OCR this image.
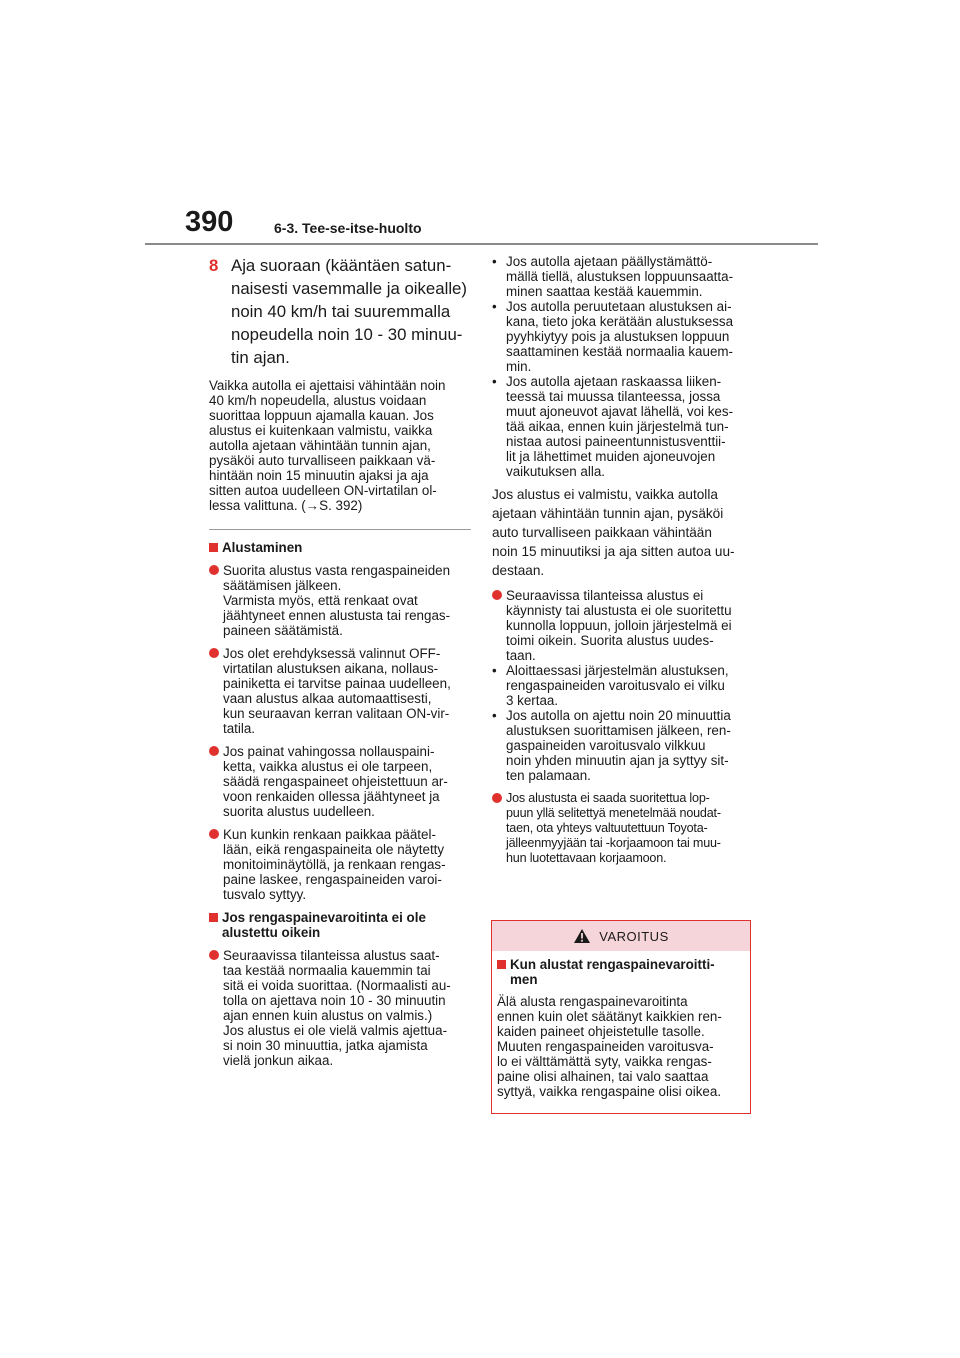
390	6-3. Tee-se-itse-huolto
8 Aja suoraan (kääntäen satun-
naisesti vasemmalle ja oikealle)
noin 40 km/h tai suuremmalla
nopeudella noin 10 - 30 minuu-
tin ajan.

Vaikka autolla ei ajettaisi vähintään noin
40 km/h nopeudella, alustus voidaan
suorittaa loppuun ajamalla kauan. Jos
alustus ei kuitenkaan valmistu, vaikka
autolla ajetaan vähintään tunnin ajan,
pysäköi auto turvalliseen paikkaan vä-
hintään noin 15 minuutin ajaksi ja aja
sitten autoa uudelleen ON-virtatilan ol-
lessa valittuna. (→S. 392)

Alustaminen
Suorita alustus vasta rengaspaineiden
säätämisen jälkeen.
Varmista myös, että renkaat ovat
jäähtyneet ennen alustusta tai rengas-
paineen säätämistä.
Jos olet erehdyksessä valinnut OFF-
virtatilan alustuksen aikana, nollaus-
painiketta ei tarvitse painaa uudelleen,
vaan alustus alkaa automaattisesti,
kun seuraavan kerran valitaan ON-vir-
tatila.
Jos painat vahingossa nollauspaini-
ketta, vaikka alustus ei ole tarpeen,
säädä rengaspaineet ohjeistettuun ar-
voon renkaiden ollessa jäähtyneet ja
suorita alustus uudelleen.
Kun kunkin renkaan paikkaa päätel-
lään, eikä rengaspaineita ole näytetty
monitoiminäytöllä, ja renkaan rengas-
paine laskee, rengaspaineiden varoi-
tusvalo syttyy.
Jos rengaspainevaroitinta ei ole
alustettu oikein
Seuraavissa tilanteissa alustus saat-
taa kestää normaalia kauemmin tai
sitä ei voida suorittaa. (Normaalisti au-
tolla on ajettava noin 10 - 30 minuutin
ajan ennen kuin alustus on valmis.)
Jos alustus ei ole vielä valmis ajettua-
si noin 30 minuuttia, jatka ajamista
vielä jonkun aikaa.
• Jos autolla ajetaan päällystämättö-
mällä tiellä, alustuksen loppuunsaatta-
minen saattaa kestää kauemmin.
• Jos autolla peruutetaan alustuksen ai-
kana, tieto joka kerätään alustuksessa
pyyhkiytyy pois ja alustuksen loppuun
saattaminen kestää normaalia kauem-
min.
• Jos autolla ajetaan raskaassa liiken-
teessä tai muussa tilanteessa, jossa
muut ajoneuvot ajavat lähellä, voi kes-
tää aikaa, ennen kuin järjestelmä tun-
nistaa autosi paineentunnistusventtii-
lit ja lähettimet muiden ajoneuvojen
vaikutuksen alla.

Jos alustus ei valmistu, vaikka autolla
ajetaan vähintään tunnin ajan, pysäköi
auto turvalliseen paikkaan vähintään
noin 15 minuutiksi ja aja sitten autoa uu-
destaan.

Seuraavissa tilanteissa alustus ei
käynnisty tai alustusta ei ole suoritettu
kunnolla loppuun, jolloin järjestelmä ei
toimi oikein. Suorita alustus uudes-
taan.
• Aloittaessasi järjestelmän alustuksen,
rengaspaineiden varoitusvalo ei vilku
3 kertaa.
• Jos autolla on ajettu noin 20 minuuttia
alustuksen suorittamisen jälkeen, ren-
gaspaineiden varoitusvalo vilkkuu
noin yhden minuutin ajan ja syttyy sit-
ten palamaan.
Jos alustusta ei saada suoritettua lop-
puun yllä selitettyä menetelmää noudat-
taen, ota yhteys valtuutettuun Toyota-
jälleenmyyjään tai -korjaamoon tai muu-
hun luotettavaan korjaamoon.
VAROITUS
Kun alustat rengaspainevaroitti-
men

Älä alusta rengaspainevaroitinta
ennen kuin olet säätänyt kaikkien ren-
kaiden paineet ohjeistetulle tasolle.
Muuten rengaspaineiden varoitusva-
lo ei välttämättä syty, vaikka rengas-
paine olisi alhainen, tai valo saattaa
syttyä, vaikka rengaspaine olisi oikea.
